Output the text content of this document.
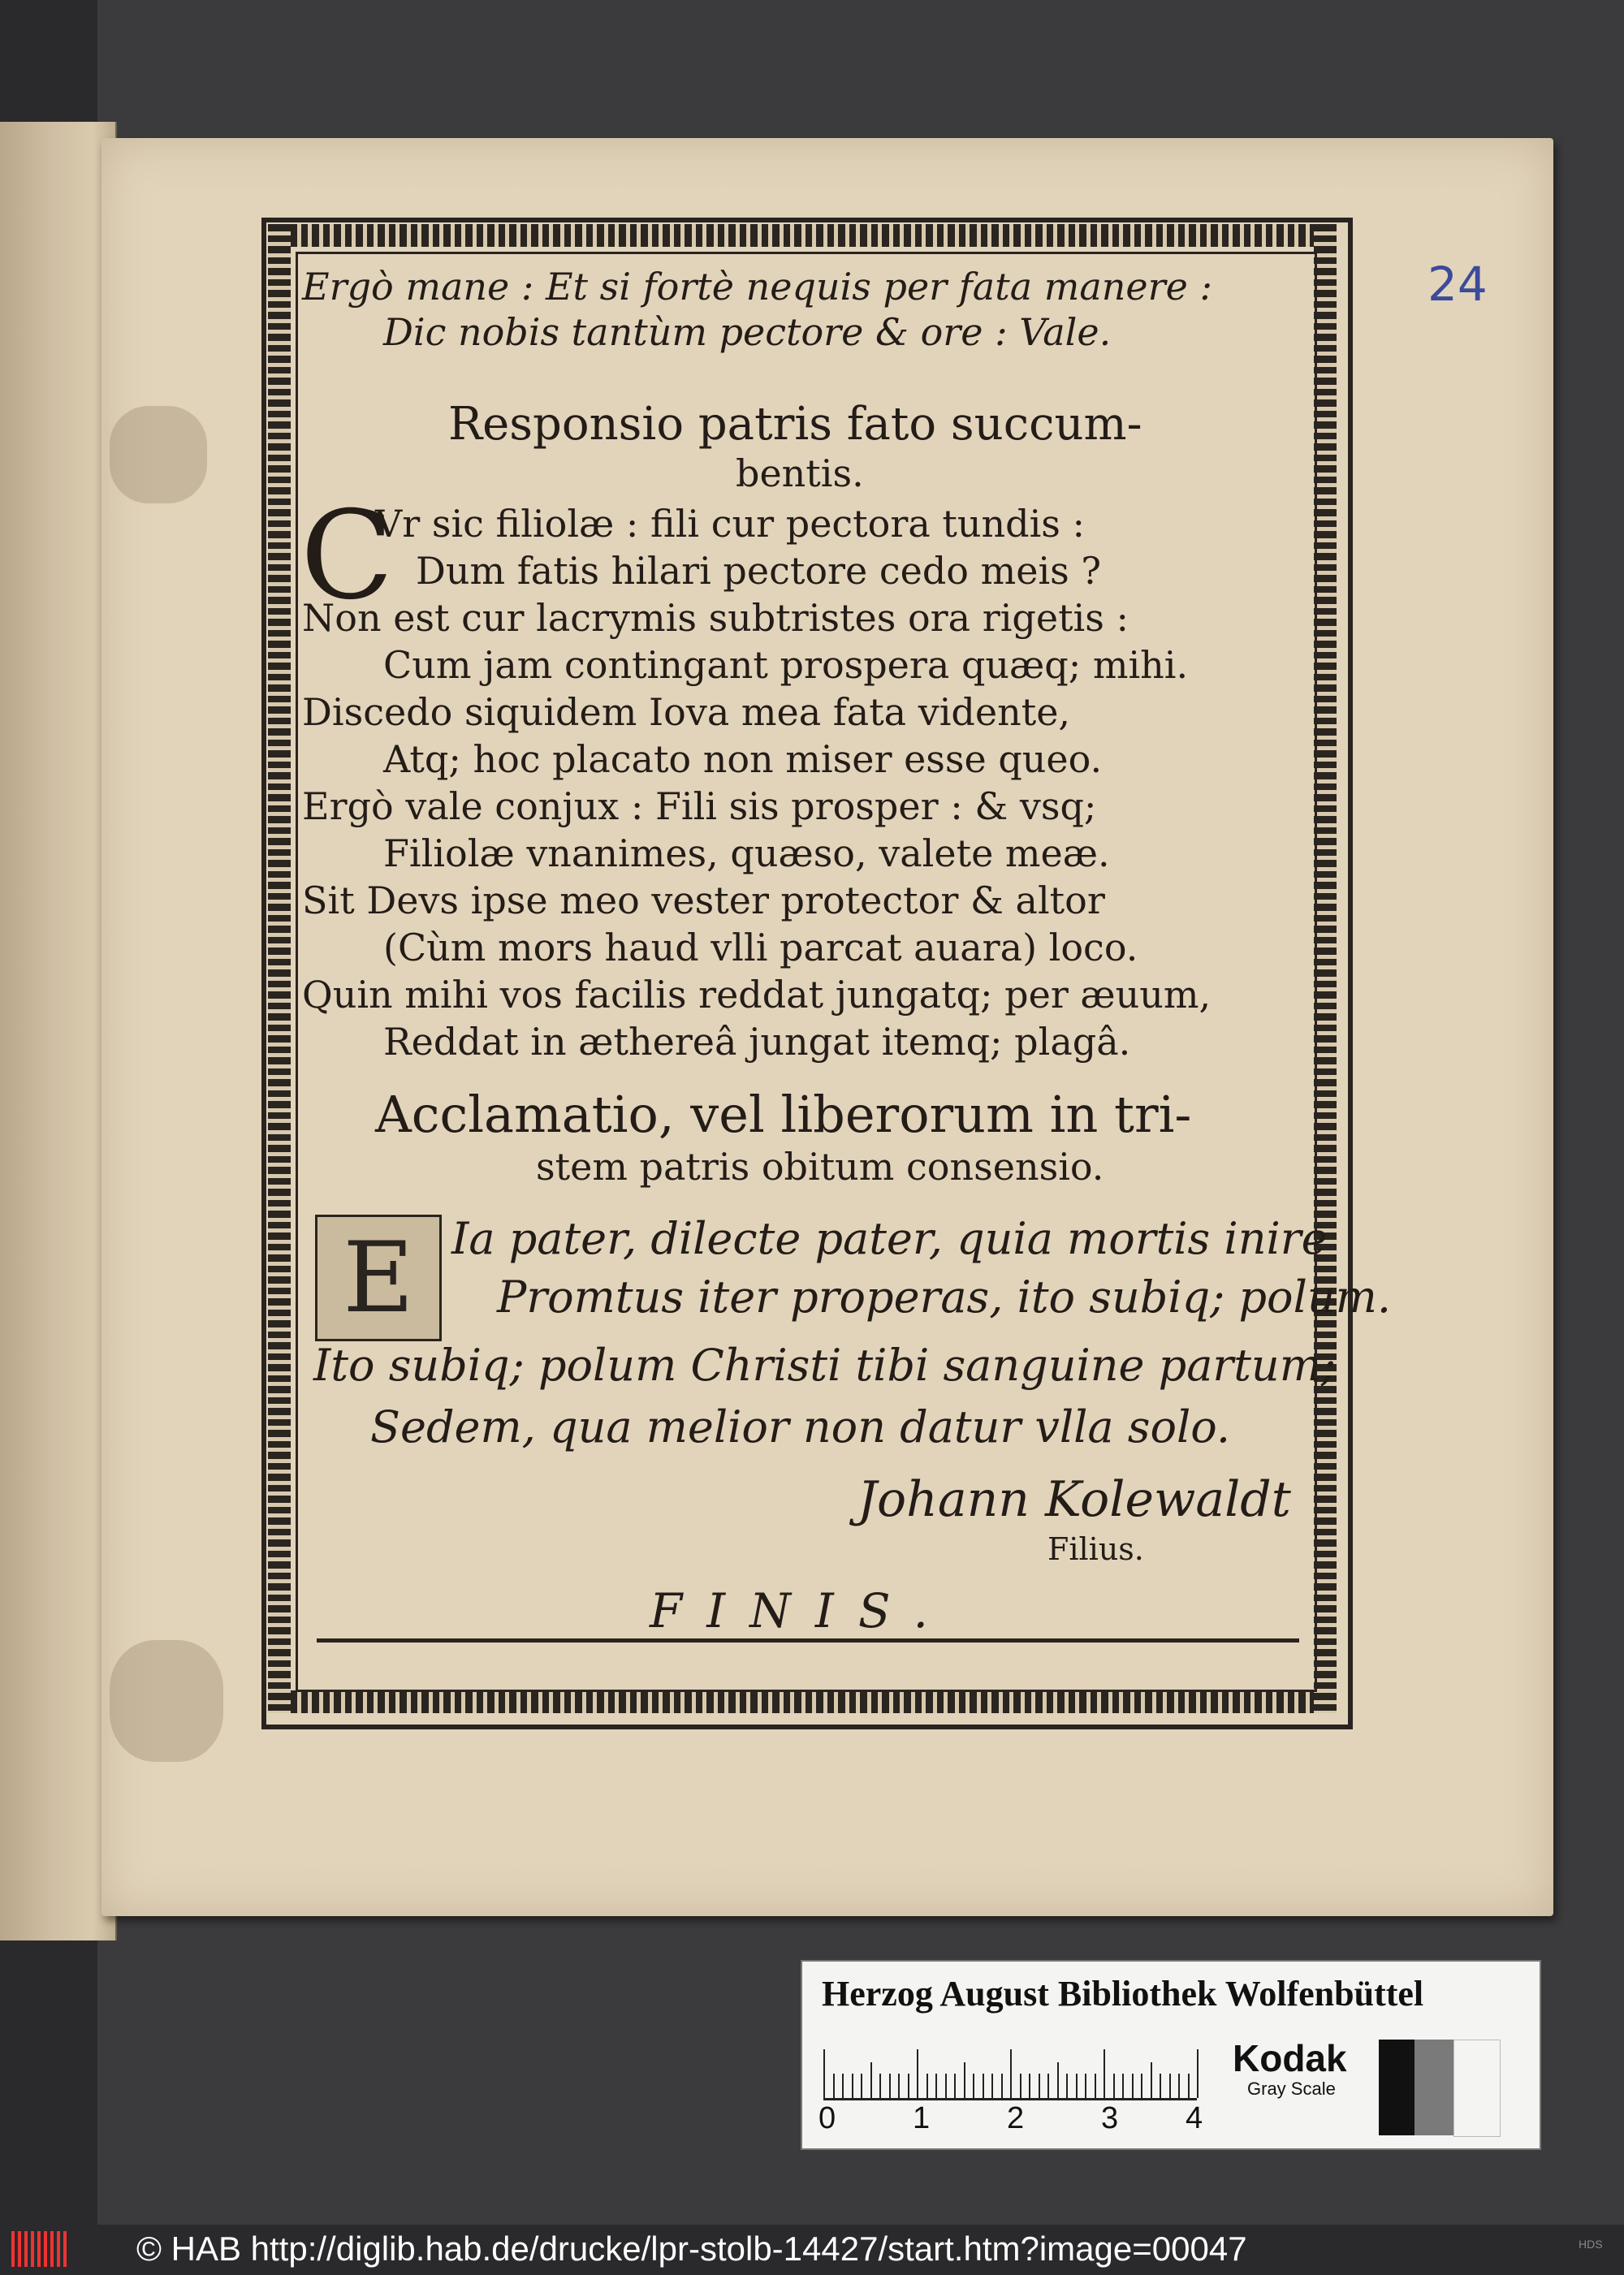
24
Ergò mane : Et si fortè nequis per fata manere :
Dic nobis tantùm pectore & ore : Vale.
Responsio patris fato succum-
bentis.
C
Vr sic filiolæ : fili cur pectora tundis :
Dum fatis hilari pectore cedo meis ?
Non est cur lacrymis subtristes ora rigetis :
Cum jam contingant prospera quæq; mihi.
Discedo siquidem Iova mea fata vidente,
Atq; hoc placato non miser esse queo.
Ergò vale conjux : Fili sis prosper : & vsq;
Filiolæ vnanimes, quæso, valete meæ.
Sit Devs ipse meo vester protector & altor
(Cùm mors haud vlli parcat auara) loco.
Quin mihi vos facilis reddat jungatq; per æuum,
Reddat in æthereâ jungat itemq; plagâ.
Acclamatio, vel liberorum in tri-
stem patris obitum consensio.
E Ia pater, dilecte pater, quia mortis inire
Promtus iter properas, ito subiq; polum.
Ito subiq; polum Christi tibi sanguine partum;
Sedem, qua melior non datur vlla solo.
Johann Kolewaldt
Filius.
FINIS.
Herzog August Bibliothek Wolfenbüttel
0 1 2 3 4
Kodak
Gray Scale
© HAB http://diglib.hab.de/drucke/lpr-stolb-14427/start.htm?image=00047	HDS
